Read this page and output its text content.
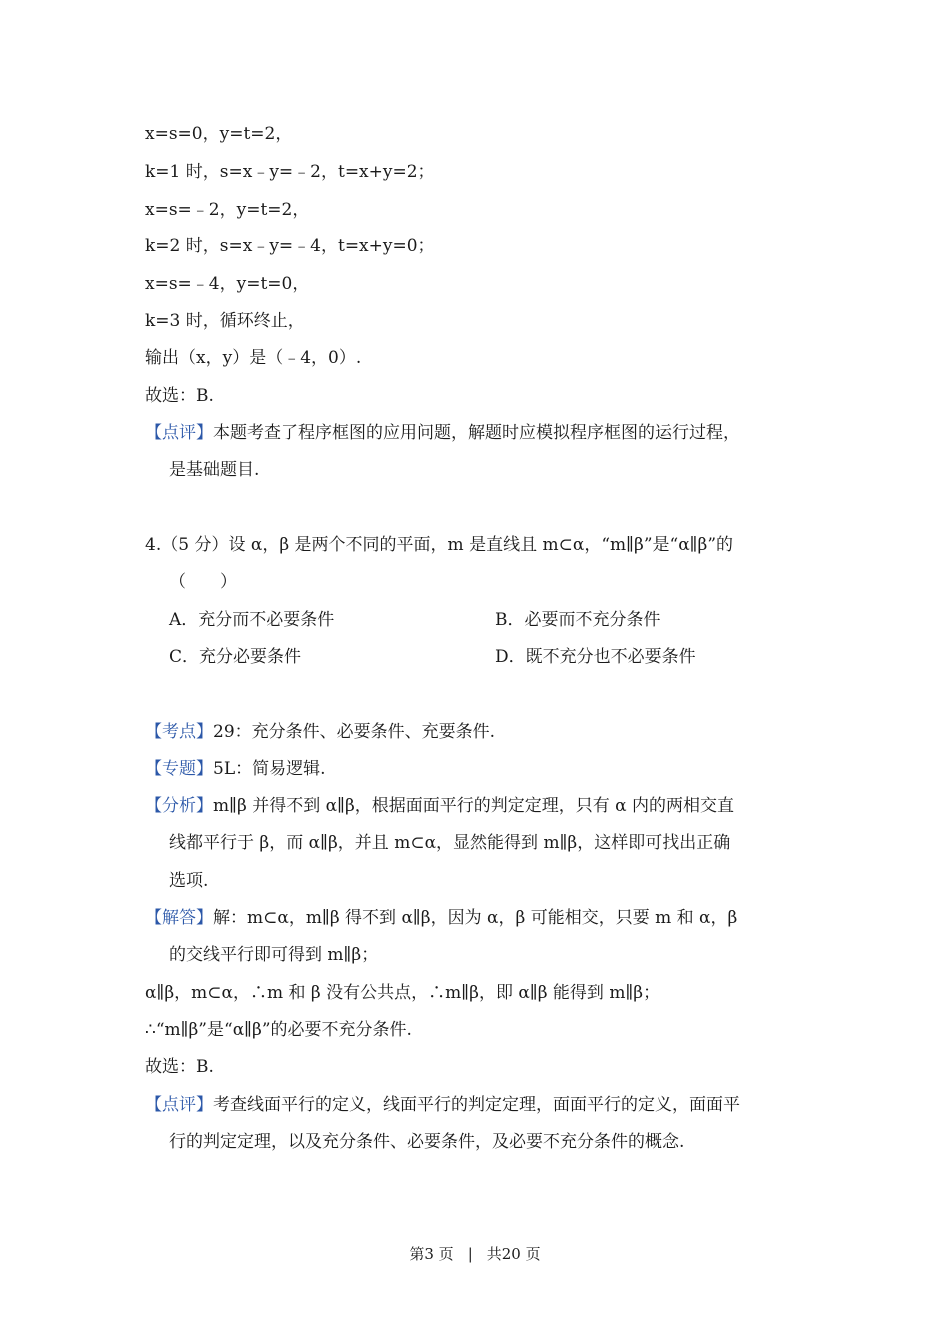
x=s=0，y=t=2，
k=1 时，s=x﹣y=﹣2，t=x+y=2；
x=s=﹣2，y=t=2，
k=2 时，s=x﹣y=﹣4，t=x+y=0；
x=s=﹣4，y=t=0，
k=3 时，循环终止，
输出（x，y）是（﹣4，0）.
故选：B.
【点评】本题考查了程序框图的应用问题，解题时应模拟程序框图的运行过程，
是基础题目.
4.（5 分）设 α，β 是两个不同的平面，m 是直线且 m⊂α，“m∥β”是“α∥β”的
（　　）
A．充分而不必要条件	B．必要而不充分条件
C．充分必要条件	D．既不充分也不必要条件
【考点】29：充分条件、必要条件、充要条件.
【专题】5L：简易逻辑.
【分析】m∥β 并得不到 α∥β，根据面面平行的判定定理，只有 α 内的两相交直
线都平行于 β，而 α∥β，并且 m⊂α，显然能得到 m∥β，这样即可找出正确
选项.
【解答】解：m⊂α，m∥β 得不到 α∥β，因为 α，β 可能相交，只要 m 和 α，β
的交线平行即可得到 m∥β；
α∥β，m⊂α，∴m 和 β 没有公共点，∴m∥β，即 α∥β 能得到 m∥β；
∴“m∥β”是“α∥β”的必要不充分条件.
故选：B.
【点评】考查线面平行的定义，线面平行的判定定理，面面平行的定义，面面平
行的判定定理，以及充分条件、必要条件，及必要不充分条件的概念.
第3 页 | 共20 页
